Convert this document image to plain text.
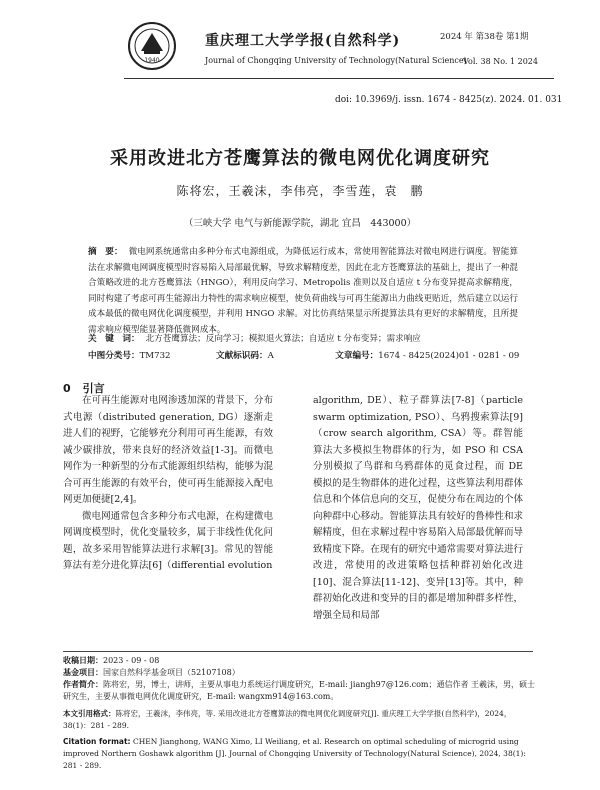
1940
重庆理工大学学报(自然科学)
Journal of Chongqing University of Technology(Natural Science)
2024 年 第38卷 第1期
Vol. 38 No. 1 2024
doi: 10.3969/j. issn. 1674 - 8425(z). 2024. 01. 031
采用改进北方苍鹰算法的微电网优化调度研究
陈将宏，王羲沫，李伟亮，李雪莲，袁　鹏
（三峡大学 电气与新能源学院，湖北 宜昌　443000）
摘　要： 微电网系统通常由多种分布式电源组成，为降低运行成本，常使用智能算法对微电网进行调度。智能算法在求解微电网调度模型时容易陷入局部最优解，导致求解精度差，因此在北方苍鹰算法的基础上，提出了一种混合策略改进的北方苍鹰算法（HNGO），利用反向学习、Metropolis 准则以及自适应 t 分布变异提高求解精度，同时构建了考虑可再生能源出力特性的需求响应模型，使负荷曲线与可再生能源出力曲线更贴近，然后建立以运行成本最低的微电网优化调度模型，并利用 HNGO 求解。对比仿真结果显示所提算法具有更好的求解精度，且所提需求响应模型能显著降低微网成本。
关　键　词： 北方苍鹰算法；反向学习；模拟退火算法；自适应 t 分布变异；需求响应
中图分类号：TM732	文献标识码：A	文章编号：1674 - 8425(2024)01 - 0281 - 09
0 引言

在可再生能源对电网渗透加深的背景下，分布式电源（distributed generation, DG）逐渐走进人们的视野，它能够充分利用可再生能源，有效减少碳排放，带来良好的经济效益[1-3]。而微电网作为一种新型的分布式能源组织结构，能够为混合可再生能源的有效平台，使可再生能源接入配电网更加便捷[2,4]。

微电网通常包含多种分布式电源，在构建微电网调度模型时，优化变量较多，属于非线性优化问题，故多采用智能算法进行求解[3]。常见的智能算法有差分进化算法[6]（differential evolution

algorithm, DE）、粒子群算法[7-8]（particle swarm optimization, PSO）、乌鸦搜索算法[9]（crow search algorithm, CSA）等。群智能算法大多模拟生物群体的行为，如 PSO 和 CSA 分别模拟了鸟群和乌鸦群体的觅食过程，而 DE 模拟的是生物群体的进化过程，这些算法利用群体信息和个体信息向的交互，促使分布在周边的个体向种群中心移动。智能算法具有较好的鲁棒性和求解精度，但在求解过程中容易陷入局部最优解而导致精度下降。在现有的研究中通常需要对算法进行改进，常使用的改进策略包括种群初始化改进[10]、混合算法[11-12]、变异[13]等。其中，种群初始化改进和变异的目的都是增加种群多样性，增强全局和局部

收稿日期：2023 - 09 - 08
基金项目：国家自然科学基金项目（52107108）
作者简介：陈将宏，男，博士，讲师，主要从事电力系统运行调度研究，E-mail: jiangh97@126.com；通信作者 王羲沫，男，硕士研究生，主要从事微电网优化调度研究，E-mail: wangxm914@163.com。
本文引用格式：陈将宏，王羲沫，李伟亮，等. 采用改进北方苍鹰算法的微电网优化调度研究[J]. 重庆理工大学学报(自然科学)，2024，38(1)：281 - 289.
Citation format: CHEN Jianghong, WANG Ximo, LI Weiliang, et al. Research on optimal scheduling of microgrid using improved Northern Goshawk algorithm [J]. Journal of Chongqing University of Technology(Natural Science), 2024, 38(1): 281 - 289.
